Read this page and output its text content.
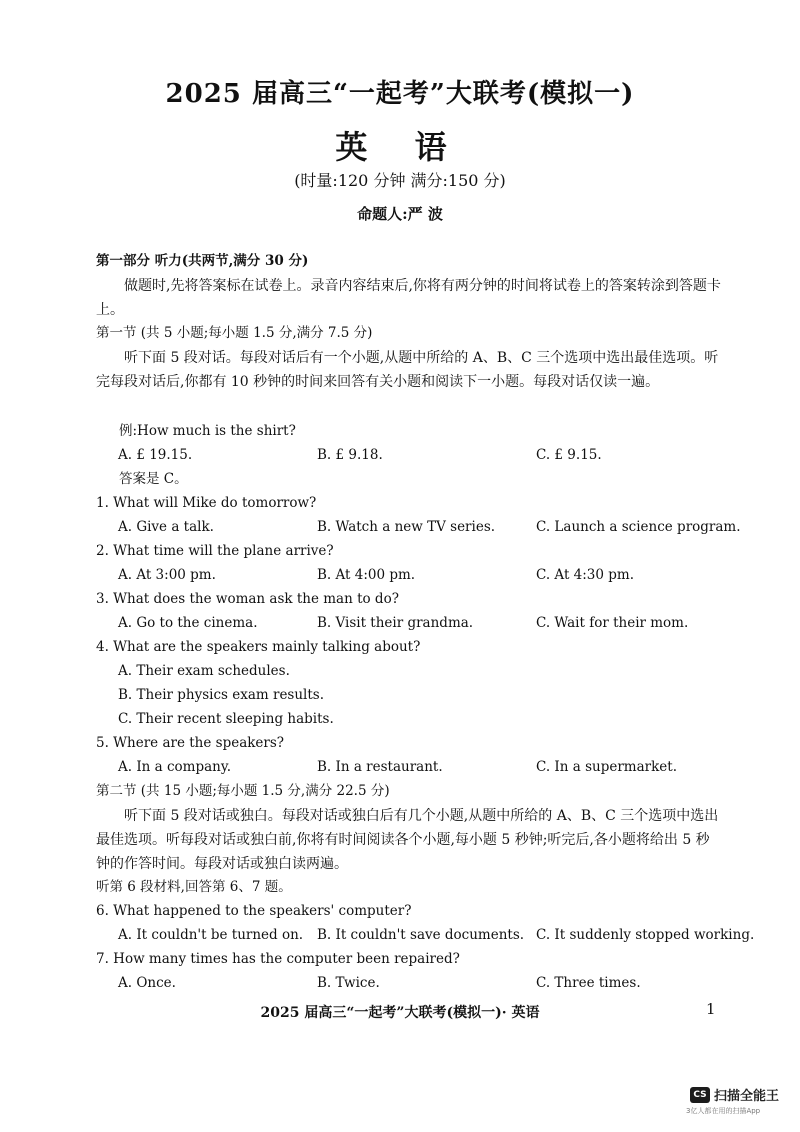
2025 届高三“一起考”大联考(模拟一)
英 语
(时量:120 分钟 满分:150 分)
命题人:严 波
第一部分 听力(共两节,满分 30 分)
做题时,先将答案标在试卷上。录音内容结束后,你将有两分钟的时间将试卷上的答案转涂到答题卡上。
第一节 (共 5 小题;每小题 1.5 分,满分 7.5 分)
听下面 5 段对话。每段对话后有一个小题,从题中所给的 A、B、C 三个选项中选出最佳选项。听完每段对话后,你都有 10 秒钟的时间来回答有关小题和阅读下一小题。每段对话仅读一遍。
例:How much is the shirt?
A. £ 19.15.	B. £ 9.18.	C. £ 9.15.
答案是 C。
1. What will Mike do tomorrow?
A. Give a talk.	B. Watch a new TV series.	C. Launch a science program.
2. What time will the plane arrive?
A. At 3:00 pm.	B. At 4:00 pm.	C. At 4:30 pm.
3. What does the woman ask the man to do?
A. Go to the cinema.	B. Visit their grandma.	C. Wait for their mom.
4. What are the speakers mainly talking about?
A. Their exam schedules.
B. Their physics exam results.
C. Their recent sleeping habits.
5. Where are the speakers?
A. In a company.	B. In a restaurant.	C. In a supermarket.
第二节 (共 15 小题;每小题 1.5 分,满分 22.5 分)
听下面 5 段对话或独白。每段对话或独白后有几个小题,从题中所给的 A、B、C 三个选项中选出最佳选项。听每段对话或独白前,你将有时间阅读各个小题,每小题 5 秒钟;听完后,各小题将给出 5 秒钟的作答时间。每段对话或独白读两遍。
听第 6 段材料,回答第 6、7 题。
6. What happened to the speakers' computer?
A. It couldn't be turned on. B. It couldn't save documents. C. It suddenly stopped working.
7. How many times has the computer been repaired?
A. Once.	B. Twice.	C. Three times.
2025 届高三“一起考”大联考(模拟一)· 英语	1
CS 扫描全能王
3亿人都在用的扫描App
